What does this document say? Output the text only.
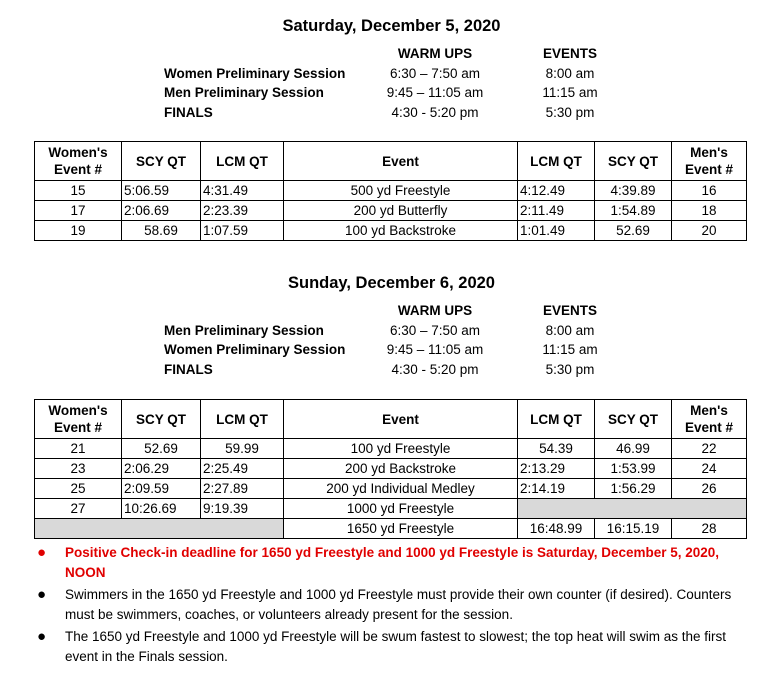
Saturday, December 5, 2020
WARM UPS	EVENTS
Women Preliminary Session	6:30 – 7:50 am	8:00 am
Men Preliminary Session	9:45 – 11:05 am	11:15 am
FINALS	4:30 - 5:20 pm	5:30 pm
Women's Event #	SCY QT	LCM QT	Event	LCM QT	SCY QT	Men's Event #
15	5:06.59	4:31.49	500 yd Freestyle	4:12.49	4:39.89	16
17	2:06.69	2:23.39	200 yd Butterfly	2:11.49	1:54.89	18
19	58.69	1:07.59	100 yd Backstroke	1:01.49	52.69	20
Sunday, December 6, 2020
WARM UPS	EVENTS
Men Preliminary Session	6:30 – 7:50 am	8:00 am
Women Preliminary Session	9:45 – 11:05 am	11:15 am
FINALS	4:30 - 5:20 pm	5:30 pm
Women's Event #	SCY QT	LCM QT	Event	LCM QT	SCY QT	Men's Event #
21	52.69	59.99	100 yd Freestyle	54.39	46.99	22
23	2:06.29	2:25.49	200 yd Backstroke	2:13.29	1:53.99	24
25	2:09.59	2:27.89	200 yd Individual Medley	2:14.19	1:56.29	26
27	10:26.69	9:19.39	1000 yd Freestyle			
			1650 yd Freestyle	16:48.99	16:15.19	28
● Positive Check-in deadline for 1650 yd Freestyle and 1000 yd Freestyle is Saturday, December 5, 2020, NOON
● Swimmers in the 1650 yd Freestyle and 1000 yd Freestyle must provide their own counter (if desired). Counters must be swimmers, coaches, or volunteers already present for the session.
● The 1650 yd Freestyle and 1000 yd Freestyle will be swum fastest to slowest; the top heat will swim as the first event in the Finals session.
